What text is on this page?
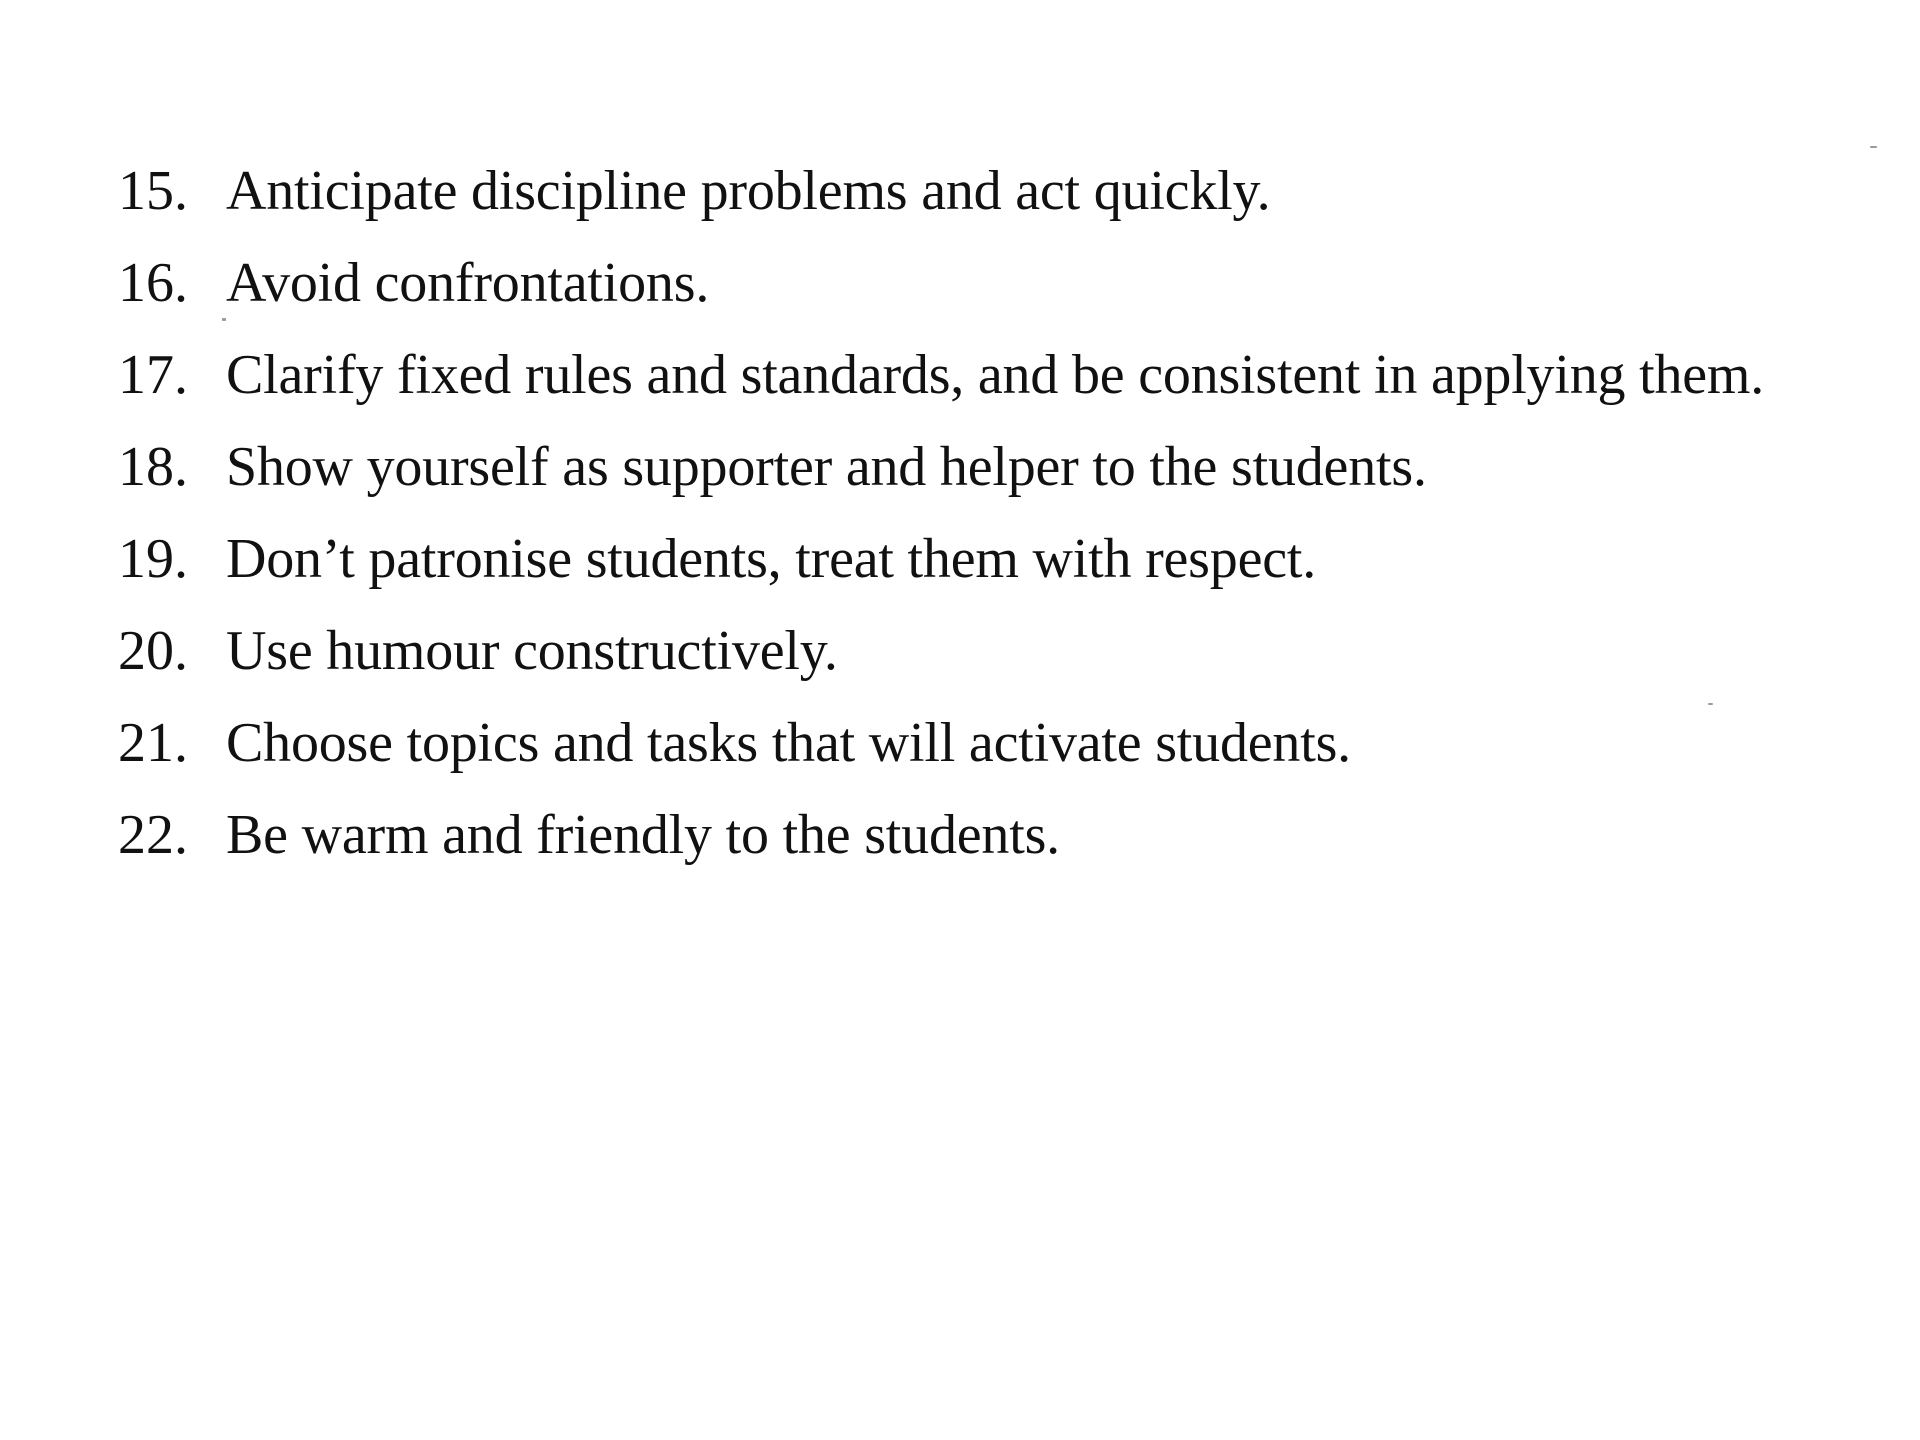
15. Anticipate discipline problems and act quickly.
16. Avoid confrontations.
17. Clarify fixed rules and standards, and be consistent in applying them.
18. Show yourself as supporter and helper to the students.
19. Don’t patronise students, treat them with respect.
20. Use humour constructively.
21. Choose topics and tasks that will activate students.
22. Be warm and friendly to the students.
